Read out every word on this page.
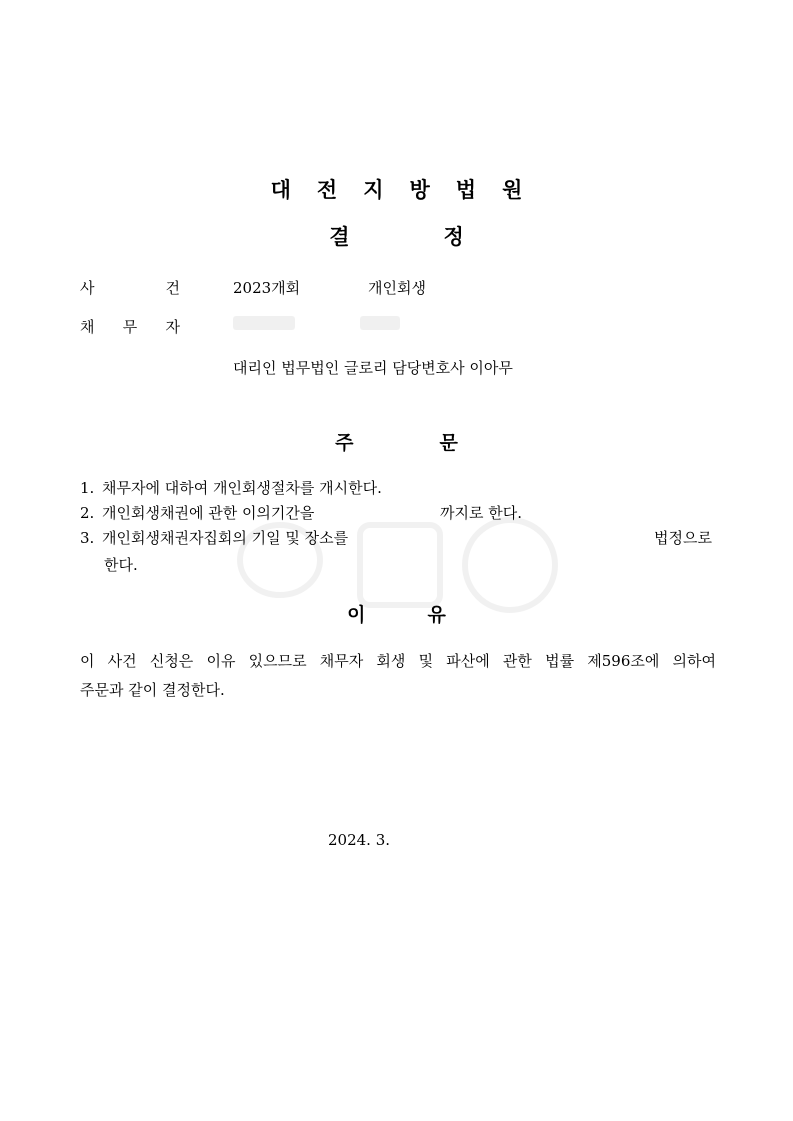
대전지방법원
결정
사	건	2023개회	개인회생
채 무 자
대리인 법무법인 글로리 담당변호사 이아무
주문
1. 채무자에 대하여 개인회생절차를 개시한다.
2. 개인회생채권에 관한 이의기간을	까지로 한다.
3. 개인회생채권자집회의 기일 및 장소를	법정으로
한다.
이유
이 사건 신청은 이유 있으므로 채무자 회생 및 파산에 관한 법률 제596조에 의하여
주문과 같이 결정한다.
2024. 3.
